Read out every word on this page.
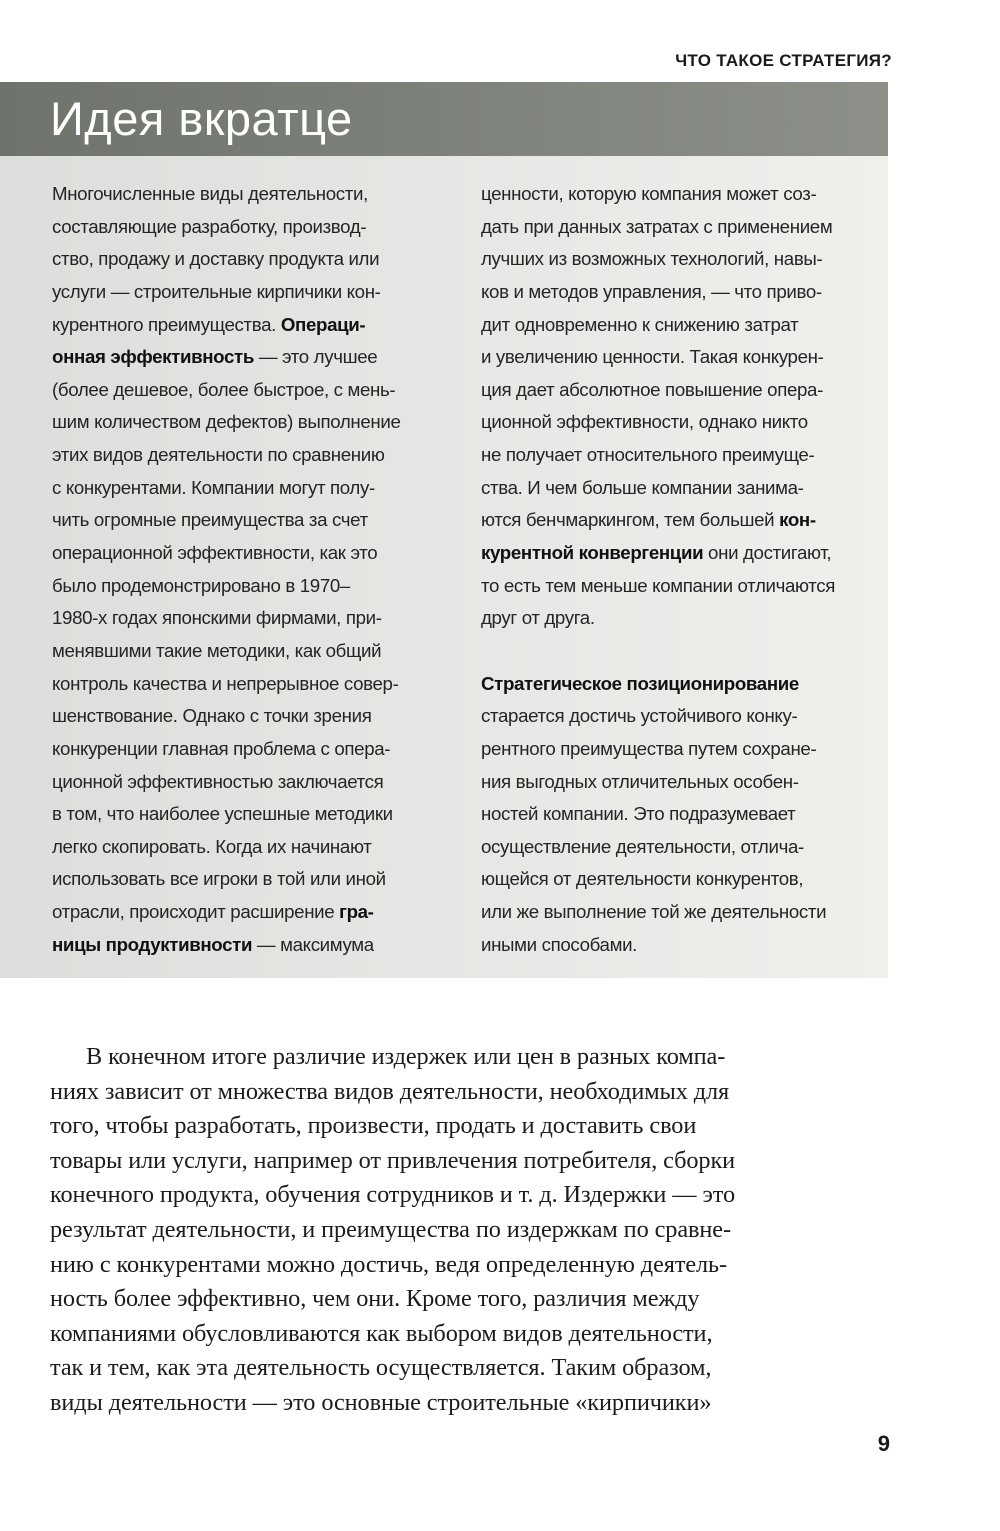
ЧТО ТАКОЕ СТРАТЕГИЯ?
Идея вкратце
Многочисленные виды деятельности,
составляющие разработку, производ-
ство, продажу и доставку продукта или
услуги — строительные кирпичики кон-
курентного преимущества. Операци-
онная эффективность — это лучшее
(более дешевое, более быстрое, с мень-
шим количеством дефектов) выполнение
этих видов деятельности по сравнению
с конкурентами. Компании могут полу-
чить огромные преимущества за счет
операционной эффективности, как это
было продемонстрировано в 1970–
1980-х годах японскими фирмами, при-
менявшими такие методики, как общий
контроль качества и непрерывное совер-
шенствование. Однако с точки зрения
конкуренции главная проблема с опера-
ционной эффективностью заключается
в том, что наиболее успешные методики
легко скопировать. Когда их начинают
использовать все игроки в той или иной
отрасли, происходит расширение гра-
ницы продуктивности — максимума
ценности, которую компания может соз-
дать при данных затратах с применением
лучших из возможных технологий, навы-
ков и методов управления, — что приво-
дит одновременно к снижению затрат
и увеличению ценности. Такая конкурен-
ция дает абсолютное повышение опера-
ционной эффективности, однако никто
не получает относительного преимуще-
ства. И чем больше компании занима-
ются бенчмаркингом, тем большей кон-
курентной конвергенции они достигают,
то есть тем меньше компании отличаются
друг от друга.
Стратегическое позиционирование
старается достичь устойчивого конку-
рентного преимущества путем сохране-
ния выгодных отличительных особен-
ностей компании. Это подразумевает
осуществление деятельности, отлича-
ющейся от деятельности конкурентов,
или же выполнение той же деятельности
иными способами.
В конечном итоге различие издержек или цен в разных компа-
ниях зависит от множества видов деятельности, необходимых для
того, чтобы разработать, произвести, продать и доставить свои
товары или услуги, например от привлечения потребителя, сборки
конечного продукта, обучения сотрудников и т. д. Издержки — это
результат деятельности, и преимущества по издержкам по сравне-
нию с конкурентами можно достичь, ведя определенную деятель-
ность более эффективно, чем они. Кроме того, различия между
компаниями обусловливаются как выбором видов деятельности,
так и тем, как эта деятельность осуществляется. Таким образом,
виды деятельности — это основные строительные «кирпичики»
9
